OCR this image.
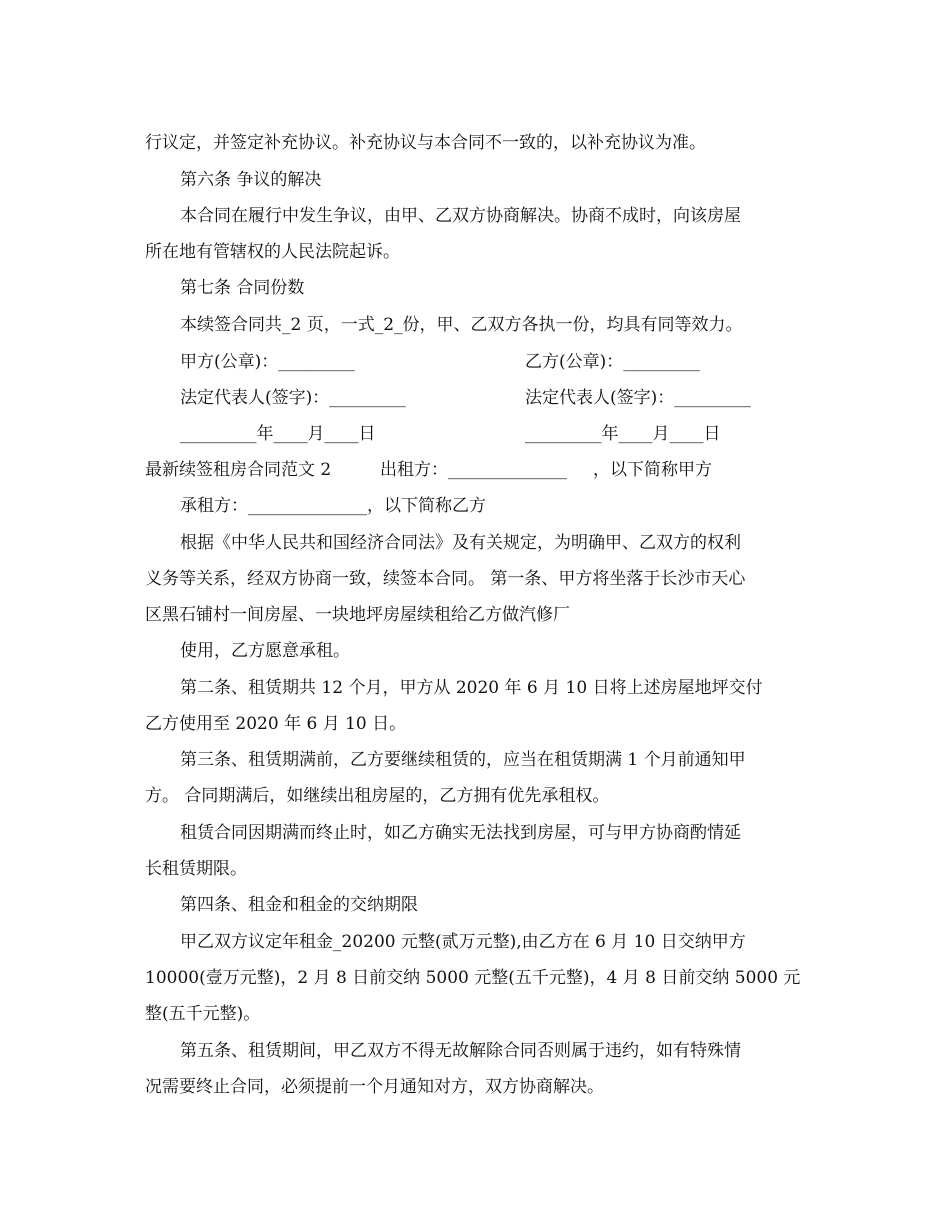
行议定，并签定补充协议。补充协议与本合同不一致的，以补充协议为准。
第六条 争议的解决
本合同在履行中发生争议，由甲、乙双方协商解决。协商不成时，向该房屋
所在地有管辖权的人民法院起诉。
第七条 合同份数
本续签合同共_2 页，一式_2_份，甲、乙双方各执一份，均具有同等效力。
甲方(公章)：_________	乙方(公章)：_________
法定代表人(签字)：_________	法定代表人(签字)：_________
_________年____月____日	_________年____月____日
最新续签租房合同范文 2	出租方：______________ ，以下简称甲方
承租方：______________，以下简称乙方
根据《中华人民共和国经济合同法》及有关规定，为明确甲、乙双方的权利
义务等关系，经双方协商一致，续签本合同。 第一条、甲方将坐落于长沙市天心
区黑石铺村一间房屋、一块地坪房屋续租给乙方做汽修厂
使用，乙方愿意承租。
第二条、租赁期共 12 个月，甲方从 2020 年 6 月 10 日将上述房屋地坪交付
乙方使用至 2020 年 6 月 10 日。
第三条、租赁期满前，乙方要继续租赁的，应当在租赁期满 1 个月前通知甲
方。 合同期满后，如继续出租房屋的，乙方拥有优先承租权。
租赁合同因期满而终止时，如乙方确实无法找到房屋，可与甲方协商酌情延
长租赁期限。
第四条、租金和租金的交纳期限
甲乙双方议定年租金_20200 元整(贰万元整),由乙方在 6 月 10 日交纳甲方
10000(壹万元整)，2 月 8 日前交纳 5000 元整(五千元整)，4 月 8 日前交纳 5000 元
整(五千元整)。
第五条、租赁期间，甲乙双方不得无故解除合同否则属于违约，如有特殊情
况需要终止合同，必须提前一个月通知对方，双方协商解决。
